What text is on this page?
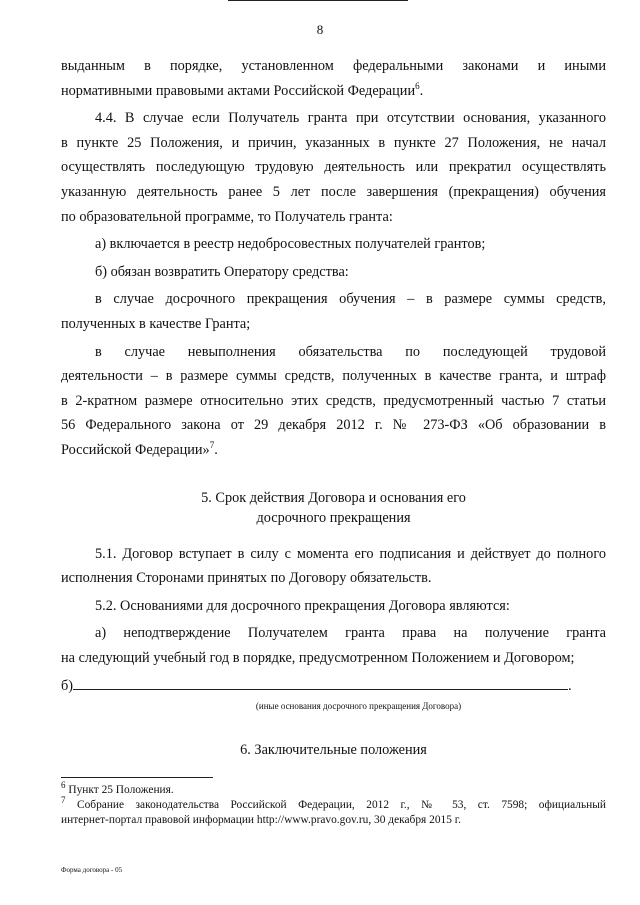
8

выданным в порядке, установленном федеральными законами и иными

нормативными правовыми актами Российской Федерации$^6$.

4.4. В случае если Получатель гранта при отсутствии основания, указанного

в пункте 25 Положения, и причин, указанных в пункте 27 Положения, не начал

осуществлять последующую трудовую деятельность или прекратил осуществлять

указанную деятельность ранее 5 лет после завершения (прекращения) обучения

по образовательной программе, то Получатель гранта:

а) включается в реестр недобросовестных получателей грантов;

б) обязан возвратить Оператору средства:

в случае досрочного прекращения обучения – в размере суммы средств,

полученных в качестве Гранта;

в случае невыполнения обязательства по последующей трудовой

деятельности – в размере суммы средств, полученных в качестве гранта, и штраф

в 2-кратном размере относительно этих средств, предусмотренный частью 7 статьи

56 Федерального закона от 29 декабря 2012 г. № 273-ФЗ «Об образовании в

Российской Федерации»$^7$.

5. Срок действия Договора и основания его
досрочного прекращения

5.1. Договор вступает в силу с момента его подписания и действует до полного

исполнения Сторонами принятых по Договору обязательств.

5.2. Основаниями для досрочного прекращения Договора являются:

а) неподтверждение Получателем гранта права на получение гранта

на следующий учебный год в порядке, предусмотренном Положением и Договором;

б)	.

(иные основания досрочного прекращения Договора)

6. Заключительные положения

$^6$ Пункт 25 Положения.

$^7$ Собрание законодательства Российской Федерации, 2012 г., № 53, ст. 7598; официальный

интернет-портал правовой информации http://www.pravo.gov.ru, 30 декабря 2015 г.

Форма договора - 05
